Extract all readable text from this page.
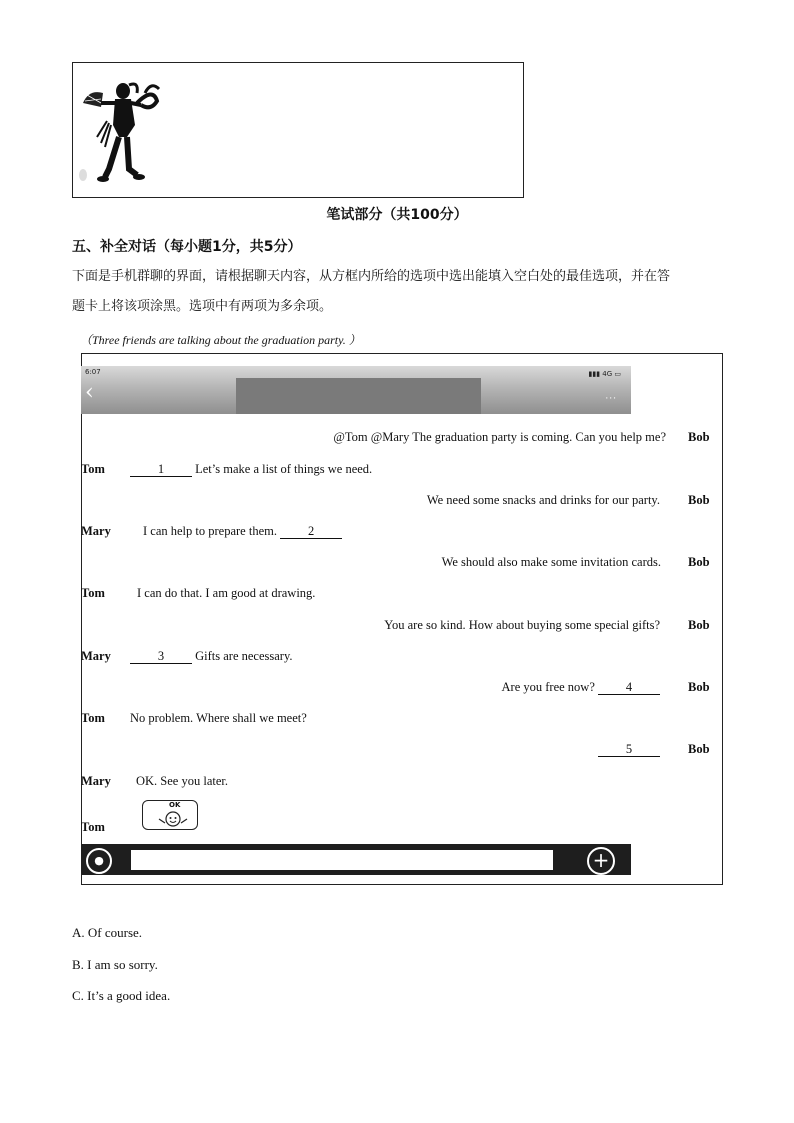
笔试部分（共100分）
五、补全对话（每小题1分，共5分）
下面是手机群聊的界面，请根据聊天内容，从方框内所给的选项中选出能填入空白处的最佳选项，并在答
题卡上将该项涂黑。选项中有两项为多余项。
（Three friends are talking about the graduation party. ）
6:07	▮▮▮ 4G ▭
‹	···
@Tom @Mary The graduation party is coming. Can you help me? Bob
Tom	1 Let’s make a list of things we need.
We need some snacks and drinks for our party. Bob
Mary	I can help to prepare them. 2
We should also make some invitation cards. Bob
Tom	I can do that. I am good at drawing.
You are so kind. How about buying some special gifts? Bob
Mary	3 Gifts are necessary.
Are you free now? 4	Bob
Tom No problem. Where shall we meet?
5	Bob
Mary OK. See you later.
OK
Tom
●	+
A. Of course.
B. I am so sorry.
C. It’s a good idea.
